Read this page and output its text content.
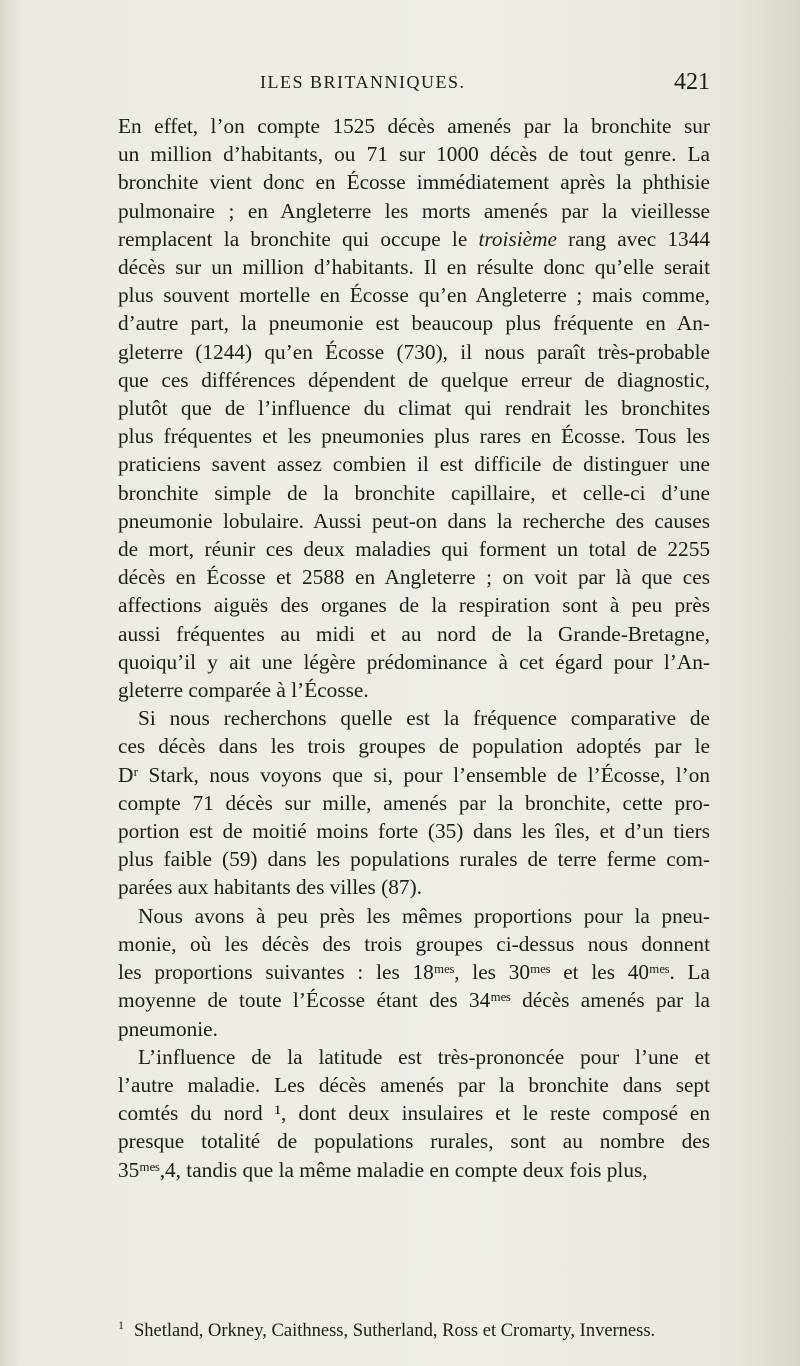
ILES BRITANNIQUES.	421

En effet, l’on compte 1525 décès amenés par la bronchite sur
un million d’habitants, ou 71 sur 1000 décès de tout genre. La
bronchite vient donc en Écosse immédiatement après la phthisie
pulmonaire ; en Angleterre les morts amenés par la vieillesse
remplacent la bronchite qui occupe le troisième rang avec 1344
décès sur un million d’habitants. Il en résulte donc qu’elle serait
plus souvent mortelle en Écosse qu’en Angleterre ; mais comme,
d’autre part, la pneumonie est beaucoup plus fréquente en An-
gleterre (1244) qu’en Écosse (730), il nous paraît très-probable
que ces différences dépendent de quelque erreur de diagnostic,
plutôt que de l’influence du climat qui rendrait les bronchites
plus fréquentes et les pneumonies plus rares en Écosse. Tous les
praticiens savent assez combien il est difficile de distinguer une
bronchite simple de la bronchite capillaire, et celle-ci d’une
pneumonie lobulaire. Aussi peut-on dans la recherche des causes
de mort, réunir ces deux maladies qui forment un total de 2255
décès en Écosse et 2588 en Angleterre ; on voit par là que ces
affections aiguës des organes de la respiration sont à peu près
aussi fréquentes au midi et au nord de la Grande-Bretagne,
quoiqu’il y ait une légère prédominance à cet égard pour l’An-
gleterre comparée à l’Écosse.

Si nous recherchons quelle est la fréquence comparative de
ces décès dans les trois groupes de population adoptés par le
Dʳ Stark, nous voyons que si, pour l’ensemble de l’Écosse, l’on
compte 71 décès sur mille, amenés par la bronchite, cette pro-
portion est de moitié moins forte (35) dans les îles, et d’un tiers
plus faible (59) dans les populations rurales de terre ferme com-
parées aux habitants des villes (87).

Nous avons à peu près les mêmes proportions pour la pneu-
monie, où les décès des trois groupes ci-dessus nous donnent
les proportions suivantes : les 18ᵐᵉˢ, les 30ᵐᵉˢ et les 40ᵐᵉˢ. La
moyenne de toute l’Écosse étant des 34ᵐᵉˢ décès amenés par la
pneumonie.

L’influence de la latitude est très-prononcée pour l’une et
l’autre maladie. Les décès amenés par la bronchite dans sept
comtés du nord ¹, dont deux insulaires et le reste composé en
presque totalité de populations rurales, sont au nombre des
35ᵐᵉˢ,4, tandis que la même maladie en compte deux fois plus,

$^1$ Shetland, Orkney, Caithness, Sutherland, Ross et Cromarty, Inverness.
